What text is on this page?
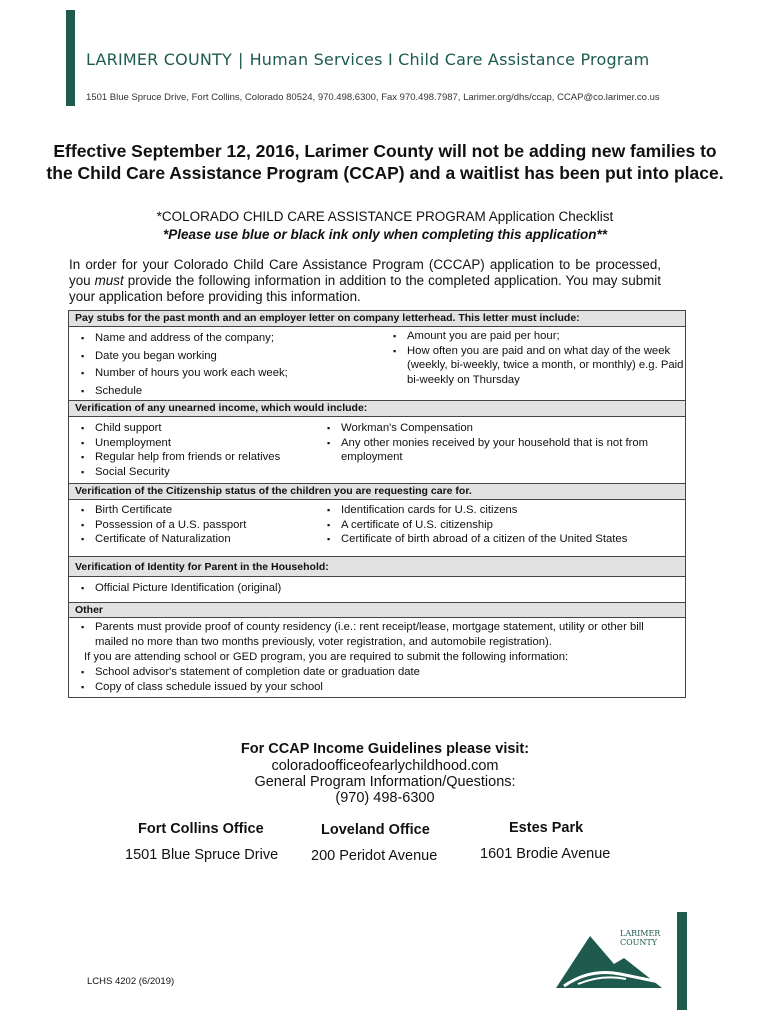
LARIMER COUNTY | Human Services I Child Care Assistance Program
1501 Blue Spruce Drive, Fort Collins, Colorado 80524, 970.498.6300, Fax 970.498.7987, Larimer.org/dhs/ccap, CCAP@co.larimer.co.us
Effective September 12, 2016, Larimer County will not be adding new families to
the Child Care Assistance Program (CCAP) and a waitlist has been put into place.
*COLORADO CHILD CARE ASSISTANCE PROGRAM Application Checklist
*Please use blue or black ink only when completing this application**
In order for your Colorado Child Care Assistance Program (CCCAP) application to be processed, you must provide the following information in addition to the completed application. You may submit your application before providing this information.
Pay stubs for the past month and an employer letter on company letterhead. This letter must include:
▪ Name and address of the company;
▪ Date you began working
▪ Number of hours you work each week;
▪ Schedule
▪ Amount you are paid per hour;
▪ How often you are paid and on what day of the week (weekly, bi-weekly, twice a month, or monthly) e.g. Paid bi-weekly on Thursday
Verification of any unearned income, which would include:
▪ Child support
▪ Unemployment
▪ Regular help from friends or relatives
▪ Social Security
▪ Workman's Compensation
▪ Any other monies received by your household that is not from employment
Verification of the Citizenship status of the children you are requesting care for.
▪ Birth Certificate
▪ Possession of a U.S. passport
▪ Certificate of Naturalization
▪ Identification cards for U.S. citizens
▪ A certificate of U.S. citizenship
▪ Certificate of birth abroad of a citizen of the United States
Verification of Identity for Parent in the Household:
▪ Official Picture Identification (original)
Other
▪ Parents must provide proof of county residency (i.e.: rent receipt/lease, mortgage statement, utility or other bill mailed no more than two months previously, voter registration, and automobile registration).
If you are attending school or GED program, you are required to submit the following information:
▪ School advisor's statement of completion date or graduation date
▪ Copy of class schedule issued by your school
For CCAP Income Guidelines please visit:
coloradoofficeofearlychildhood.com
General Program Information/Questions:
(970) 498-6300
Fort Collins Office
1501 Blue Spruce Drive
Loveland Office
200 Peridot Avenue
Estes Park
1601 Brodie Avenue
LARIMER
COUNTY
LCHS 4202 (6/2019)
